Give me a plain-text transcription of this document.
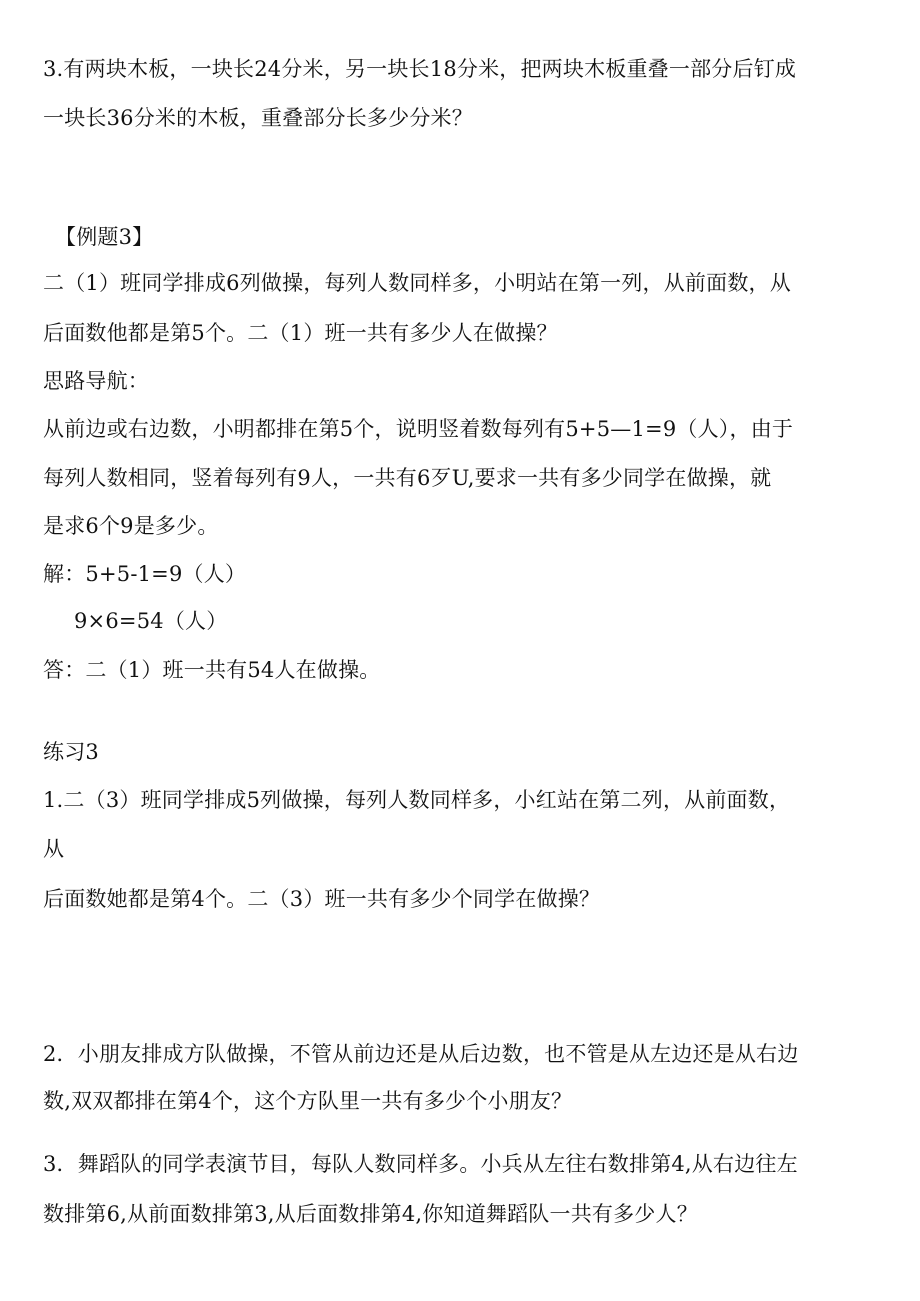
3.有两块木板，一块长24分米，另一块长18分米，把两块木板重叠一部分后钉成
一块长36分米的木板，重叠部分长多少分米？
【例题3】
二（1）班同学排成6列做操，每列人数同样多，小明站在第一列，从前面数，从
后面数他都是第5个。二（1）班一共有多少人在做操？
思路导航：
从前边或右边数，小明都排在第5个，说明竖着数每列有5+5—1=9（人），由于
每列人数相同，竖着每列有9人，一共有6歹U,要求一共有多少同学在做操，就
是求6个9是多少。
解：5+5-1=9（人）
9×6=54（人）
答：二（1）班一共有54人在做操。
练习3
1.二（3）班同学排成5列做操，每列人数同样多，小红站在第二列，从前面数，
从
后面数她都是第4个。二（3）班一共有多少个同学在做操？
2．小朋友排成方队做操，不管从前边还是从后边数，也不管是从左边还是从右边
数,双双都排在第4个，这个方队里一共有多少个小朋友？
3．舞蹈队的同学表演节目，每队人数同样多。小兵从左往右数排第4,从右边往左
数排第6,从前面数排第3,从后面数排第4,你知道舞蹈队一共有多少人？
